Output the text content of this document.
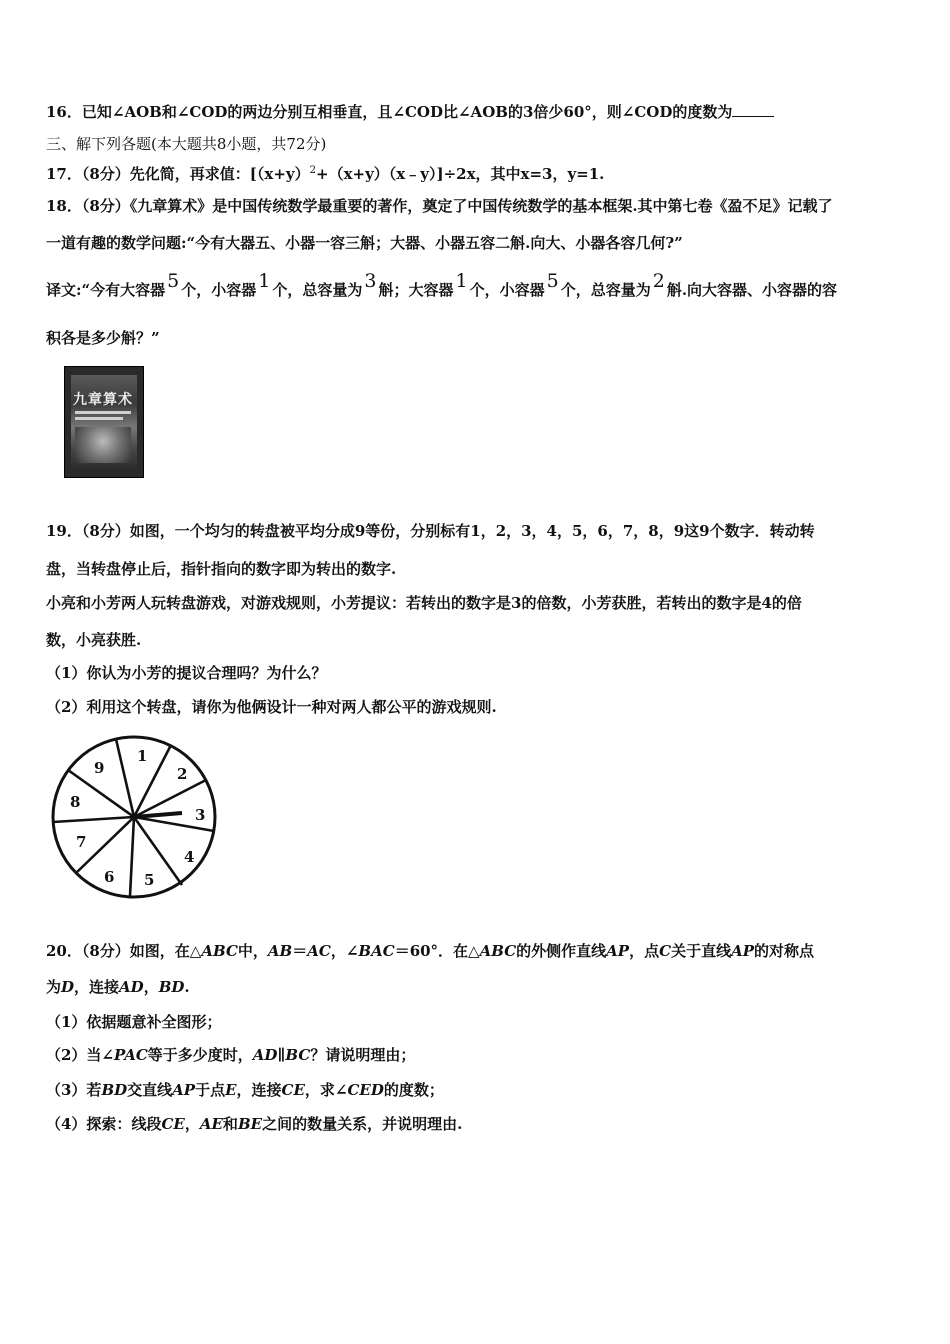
16．已知∠AOB和∠COD的两边分别互相垂直，且∠COD比∠AOB的3倍少60°，则∠COD的度数为
三、解下列各题(本大题共8小题，共72分)
17．（8分）先化简，再求值：$[(x+y)^2+(x+y)(x﹣y)]\div 2x$，其中x=3，y=1.
18．（8分）《九章算术》是中国传统数学最重要的著作，奠定了中国传统数学的基本框架.其中第七卷《盈不足》记载了
一道有趣的数学问题:“今有大器五、小器一容三斛；大器、小器五容二斛.向大、小器各容几何?”
译文:“今有大容器 5 个，小容器 1 个，总容量为 3 斛；大容器 1 个，小容器 5 个，总容量为 2 斛.向大容器、小容器的容
积各是多少斛？”
九章算术
19．（8分）如图，一个均匀的转盘被平均分成9等份，分别标有1，2，3，4，5，6，7，8，9这9个数字．转动转
盘，当转盘停止后，指针指向的数字即为转出的数字.
小亮和小芳两人玩转盘游戏，对游戏规则，小芳提议：若转出的数字是3的倍数，小芳获胜，若转出的数字是4的倍
数，小亮获胜.
（1）你认为小芳的提议合理吗？为什么？
（2）利用这个转盘，请你为他俩设计一种对两人都公平的游戏规则.
1
2
3
4
5
6
7
8
9
20．（8分）如图，在△ABC中，AB＝AC，∠BAC＝60°．在△ABC的外侧作直线AP，点C关于直线AP的对称点
为D，连接AD，BD.
（1）依据题意补全图形；
（2）当∠PAC等于多少度时，AD∥BC？请说明理由；
（3）若BD交直线AP于点E，连接CE，求∠CED的度数；
（4）探索：线段CE，AE和BE之间的数量关系，并说明理由.
